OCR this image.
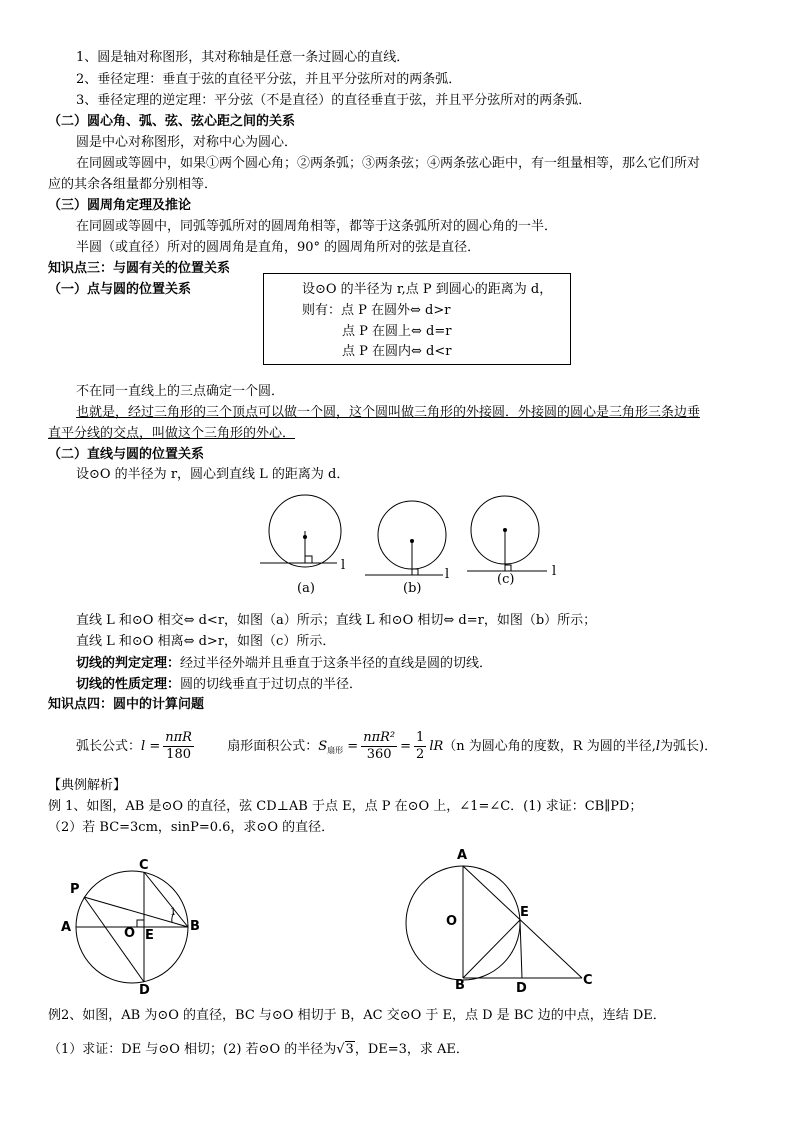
1、圆是轴对称图形，其对称轴是任意一条过圆心的直线．
2、垂径定理：垂直于弦的直径平分弦，并且平分弦所对的两条弧．
3、垂径定理的逆定理：平分弦（不是直径）的直径垂直于弦，并且平分弦所对的两条弧．
（二）圆心角、弧、弦、弦心距之间的关系
圆是中心对称图形，对称中心为圆心．
在同圆或等圆中，如果①两个圆心角；②两条弧；③两条弦；④两条弦心距中，有一组量相等，那么它们所对
应的其余各组量都分别相等．
（三）圆周角定理及推论
在同圆或等圆中，同弧等弧所对的圆周角相等，都等于这条弧所对的圆心角的一半．
半圆（或直径）所对的圆周角是直角，90° 的圆周角所对的弦是直径．
知识点三：与圆有关的位置关系
（一）点与圆的位置关系	设⊙O 的半径为 r,点 P 到圆心的距离为 d，
则有：点 P 在圆外⇔ d>r
点 P 在圆上⇔ d=r
点 P 在圆内⇔ d<r
不在同一直线上的三点确定一个圆．
也就是，经过三角形的三个顶点可以做一个圆，这个圆叫做三角形的外接圆．外接圆的圆心是三角形三条边垂
直平分线的交点，叫做这个三角形的外心．
（二）直线与圆的位置关系
设⊙O 的半径为 r，圆心到直线 L 的距离为 d．
(a)	(b)
(c)
l
l	l
直线 L 和⊙O 相交⇔ d<r，如图（a）所示；直线 L 和⊙O 相切⇔ d=r，如图（b）所示；
直线 L 和⊙O 相离⇔ d>r，如图（c）所示．
切线的判定定理：经过半径外端并且垂直于这条半径的直线是圆的切线．
切线的性质定理：圆的切线垂直于过切点的半径．
知识点四：圆中的计算问题
弧长公式：$l = \frac{\text{nπR}}{180}$	扇形面积公式：$S_{扇形} = \frac{\text{nπR²}}{360} = \frac{1}{2} lR(n$ 为圆心角的度数，R 为圆的半径,l为弧长)．
【典例解析】
例 1、如图，AB 是⊙O 的直径，弦 CD⊥AB 于点 E，点 P 在⊙O 上，∠1=∠C．(1) 求证：CB∥PD；
（2）若 BC=3cm，sinP=0.6，求⊙O 的直径．
C
P
A	B
O E
D
1
A
O
E
B	D
C
例2、如图，AB 为⊙O 的直径，BC 与⊙O 相切于 B，AC 交⊙O 于 E，点 D 是 BC 边的中点，连结 DE．
（1）求证：DE 与⊙O 相切；(2) 若⊙O 的半径为√3，DE=3，求 AE．
